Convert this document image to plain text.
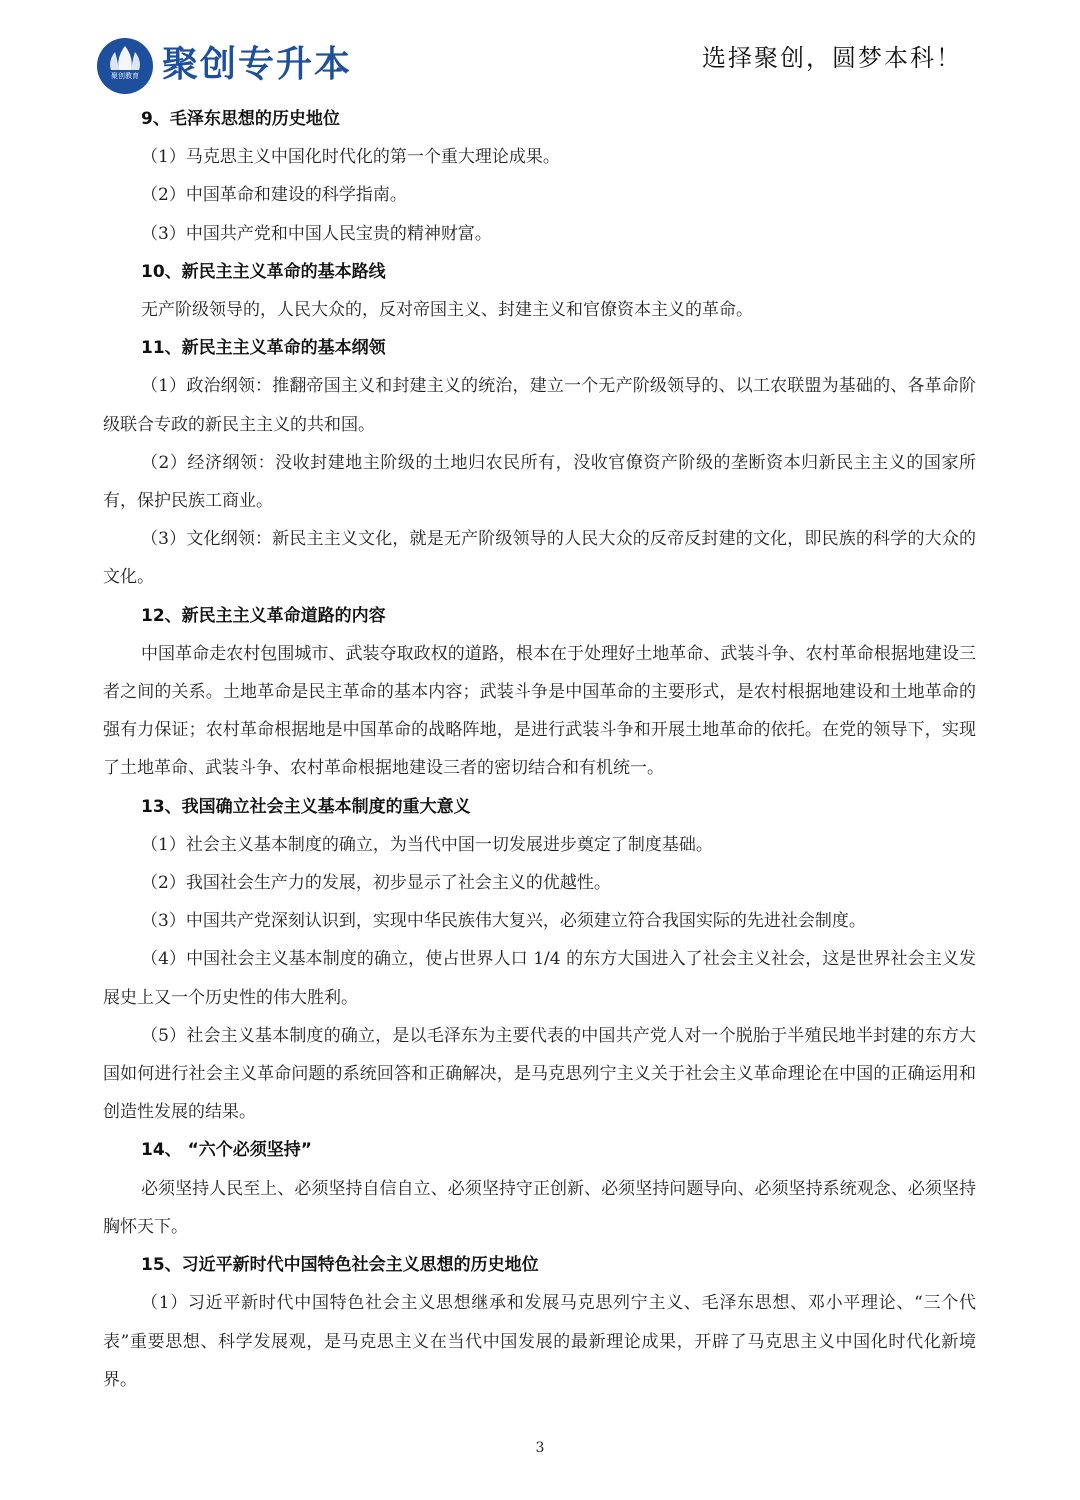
聚创教育 聚创专升本	选择聚创，圆梦本科！
9、毛泽东思想的历史地位

（1）马克思主义中国化时代化的第一个重大理论成果。

（2）中国革命和建设的科学指南。

（3）中国共产党和中国人民宝贵的精神财富。

10、新民主主义革命的基本路线

无产阶级领导的，人民大众的，反对帝国主义、封建主义和官僚资本主义的革命。

11、新民主主义革命的基本纲领

（1）政治纲领：推翻帝国主义和封建主义的统治，建立一个无产阶级领导的、以工农联盟为基础的、各革命阶级联合专政的新民主主义的共和国。

（2）经济纲领：没收封建地主阶级的土地归农民所有，没收官僚资产阶级的垄断资本归新民主主义的国家所有，保护民族工商业。

（3）文化纲领：新民主主义文化，就是无产阶级领导的人民大众的反帝反封建的文化，即民族的科学的大众的文化。

12、新民主主义革命道路的内容

中国革命走农村包围城市、武装夺取政权的道路，根本在于处理好土地革命、武装斗争、农村革命根据地建设三者之间的关系。土地革命是民主革命的基本内容；武装斗争是中国革命的主要形式，是农村根据地建设和土地革命的强有力保证；农村革命根据地是中国革命的战略阵地，是进行武装斗争和开展土地革命的依托。在党的领导下，实现了土地革命、武装斗争、农村革命根据地建设三者的密切结合和有机统一。

13、我国确立社会主义基本制度的重大意义

（1）社会主义基本制度的确立，为当代中国一切发展进步奠定了制度基础。

（2）我国社会生产力的发展，初步显示了社会主义的优越性。

（3）中国共产党深刻认识到，实现中华民族伟大复兴，必须建立符合我国实际的先进社会制度。

（4）中国社会主义基本制度的确立，使占世界人口 1/4 的东方大国进入了社会主义社会，这是世界社会主义发展史上又一个历史性的伟大胜利。

（5）社会主义基本制度的确立，是以毛泽东为主要代表的中国共产党人对一个脱胎于半殖民地半封建的东方大国如何进行社会主义革命问题的系统回答和正确解决，是马克思列宁主义关于社会主义革命理论在中国的正确运用和创造性发展的结果。

14、 “六个必须坚持”

必须坚持人民至上、必须坚持自信自立、必须坚持守正创新、必须坚持问题导向、必须坚持系统观念、必须坚持胸怀天下。

15、习近平新时代中国特色社会主义思想的历史地位

（1）习近平新时代中国特色社会主义思想继承和发展马克思列宁主义、毛泽东思想、邓小平理论、“三个代表”重要思想、科学发展观，是马克思主义在当代中国发展的最新理论成果，开辟了马克思主义中国化时代化新境界。

3
